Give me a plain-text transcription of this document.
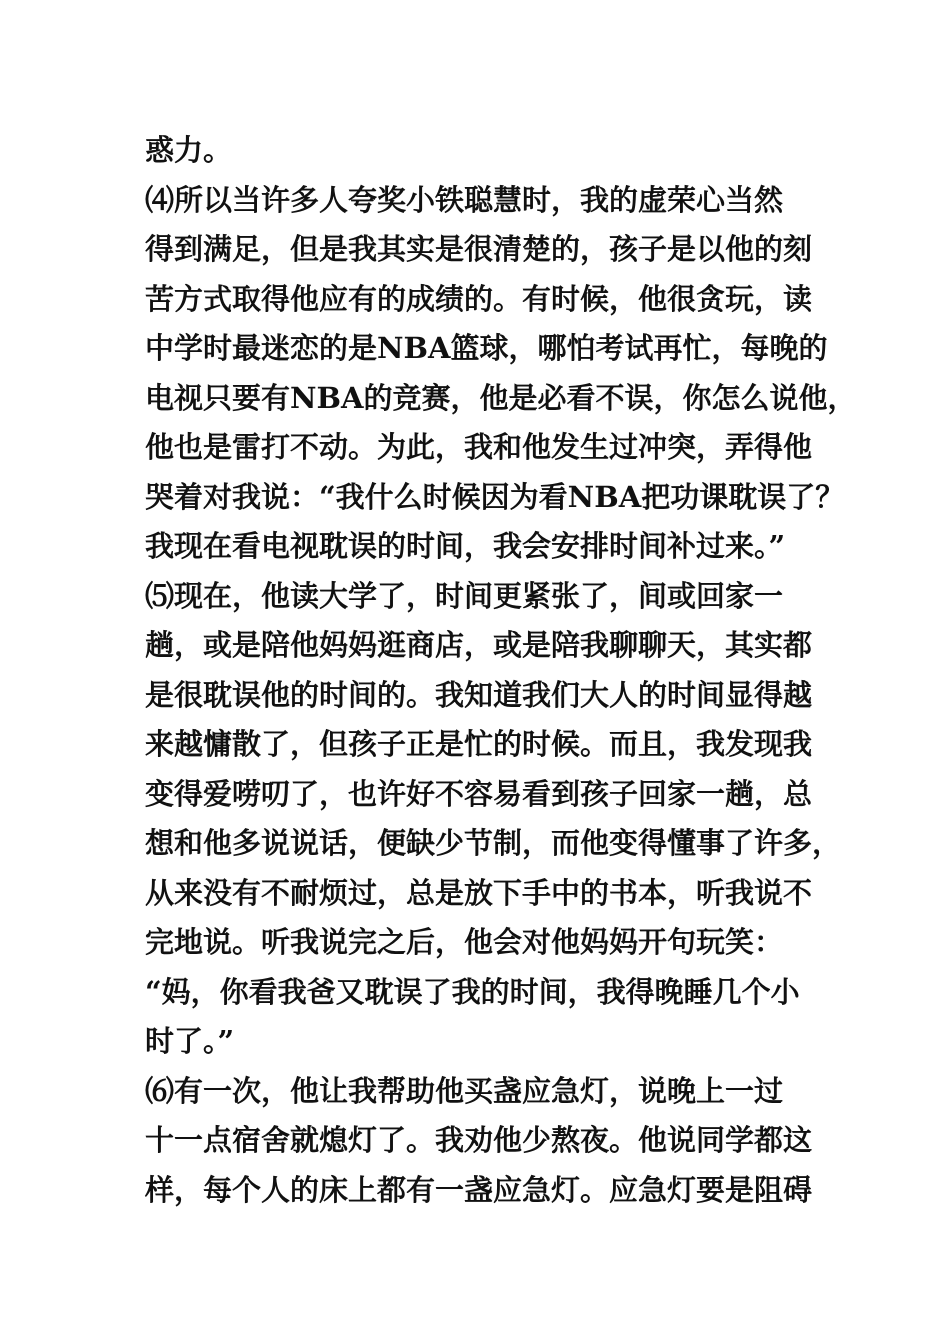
惑力。
⑷所以当许多人夸奖小铁聪慧时，我的虚荣心当然
得到满足，但是我其实是很清楚的，孩子是以他的刻
苦方式取得他应有的成绩的。有时候，他很贪玩，读
中学时最迷恋的是NBA篮球，哪怕考试再忙，每晚的
电视只要有NBA的竞赛，他是必看不误，你怎么说他，
他也是雷打不动。为此，我和他发生过冲突，弄得他
哭着对我说：“我什么时候因为看NBA把功课耽误了？
我现在看电视耽误的时间，我会安排时间补过来。”
⑸现在，他读大学了，时间更紧张了，间或回家一
趟，或是陪他妈妈逛商店，或是陪我聊聊天，其实都
是很耽误他的时间的。我知道我们大人的时间显得越
来越慵散了，但孩子正是忙的时候。而且，我发现我
变得爱唠叨了，也许好不容易看到孩子回家一趟，总
想和他多说说话，便缺少节制，而他变得懂事了许多，
从来没有不耐烦过，总是放下手中的书本，听我说不
完地说。听我说完之后，他会对他妈妈开句玩笑：
“妈，你看我爸又耽误了我的时间，我得晚睡几个小
时了。”
⑹有一次，他让我帮助他买盏应急灯，说晚上一过
十一点宿舍就熄灯了。我劝他少熬夜。他说同学都这
样，每个人的床上都有一盏应急灯。应急灯要是阻碍
